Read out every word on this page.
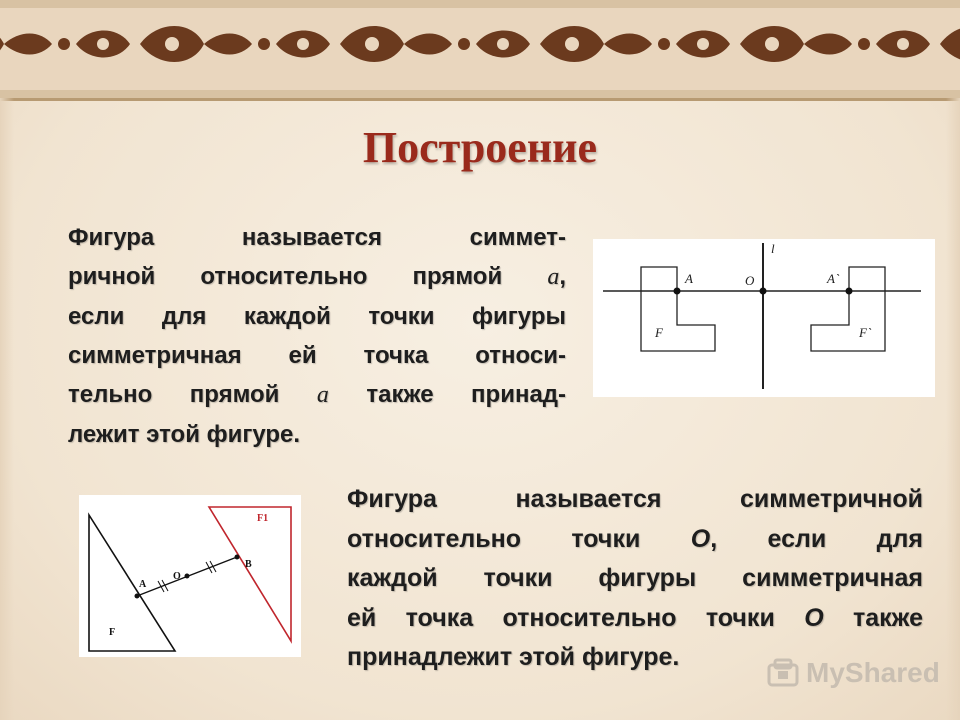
Построение
Фигура называется симмет-
ричной относительно прямой a,
если для каждой точки фигуры
симметричная ей точка относи-
тельно прямой a также принад-
лежит этой фигуре.
l
A	O	A`
F	F`
A
O
B
F
F1
Фигура называется симметричной
относительно точки O, если для
каждой точки фигуры симметричная
ей точка относительно точки O также
принадлежит этой фигуре.	MyShared
